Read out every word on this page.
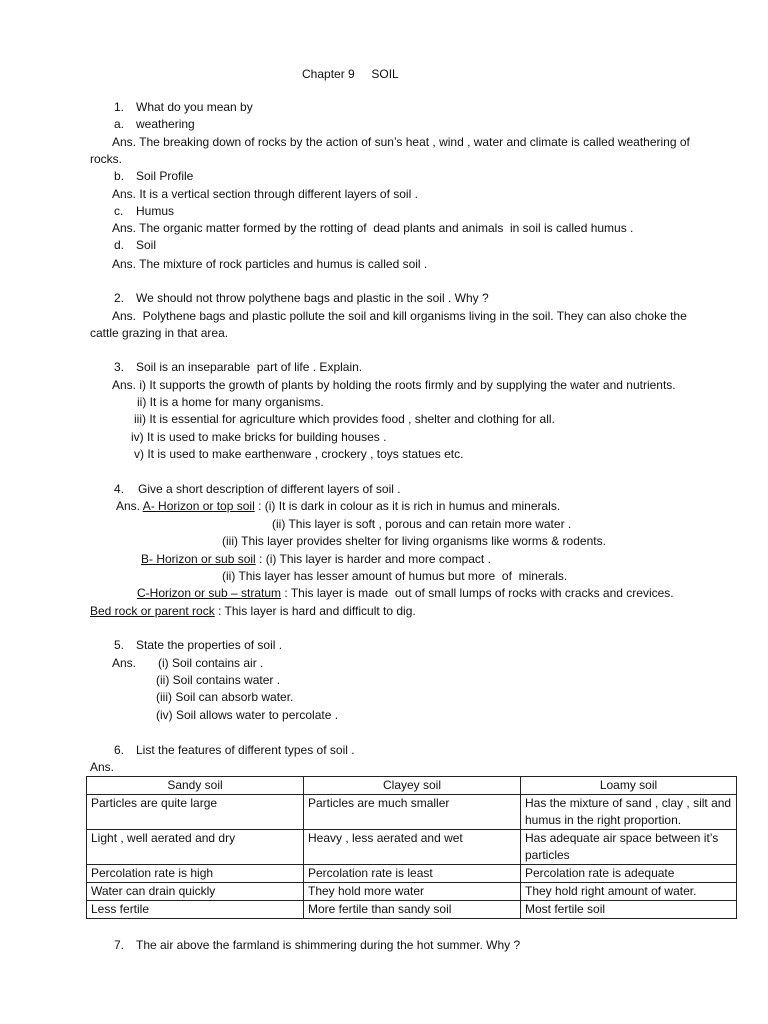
Chapter 9     SOIL
1. What do you mean by
a. weathering
Ans. The breaking down of rocks by the action of sun’s heat , wind , water and climate is called weathering of
rocks.
b. Soil Profile
Ans. It is a vertical section through different layers of soil .
c. Humus
Ans. The organic matter formed by the rotting of  dead plants and animals  in soil is called humus .
d. Soil
Ans. The mixture of rock particles and humus is called soil .
2. We should not throw polythene bags and plastic in the soil . Why ?
Ans.  Polythene bags and plastic pollute the soil and kill organisms living in the soil. They can also choke the
cattle grazing in that area.
3. Soil is an inseparable  part of life . Explain.
Ans. i) It supports the growth of plants by holding the roots firmly and by supplying the water and nutrients.
ii) It is a home for many organisms.
iii) It is essential for agriculture which provides food , shelter and clothing for all.
iv) It is used to make bricks for building houses .
v) It is used to make earthenware , crockery , toys statues etc.
4. Give a short description of different layers of soil .
Ans. A- Horizon or top soil : (i) It is dark in colour as it is rich in humus and minerals.
(ii) This layer is soft , porous and can retain more water .
(iii) This layer provides shelter for living organisms like worms & rodents.
B- Horizon or sub soil : (i) This layer is harder and more compact .
(ii) This layer has lesser amount of humus but more  of  minerals.
C-Horizon or sub – stratum : This layer is made  out of small lumps of rocks with cracks and crevices.
Bed rock or parent rock : This layer is hard and difficult to dig.
5. State the properties of soil .
Ans. (i) Soil contains air .
(ii) Soil contains water .
(iii) Soil can absorb water.
(iv) Soil allows water to percolate .
6. List the features of different types of soil .
Ans.
Sandy soil	Clayey soil	Loamy soil
Particles are quite large	Particles are much smaller	Has the mixture of sand , clay , silt and humus in the right proportion.
Light , well aerated and dry	Heavy , less aerated and wet	Has adequate air space between it’s particles
Percolation rate is high	Percolation rate is least	Percolation rate is adequate
Water can drain quickly	They hold more water	They hold right amount of water.
Less fertile	More fertile than sandy soil	Most fertile soil
7. The air above the farmland is shimmering during the hot summer. Why ?
